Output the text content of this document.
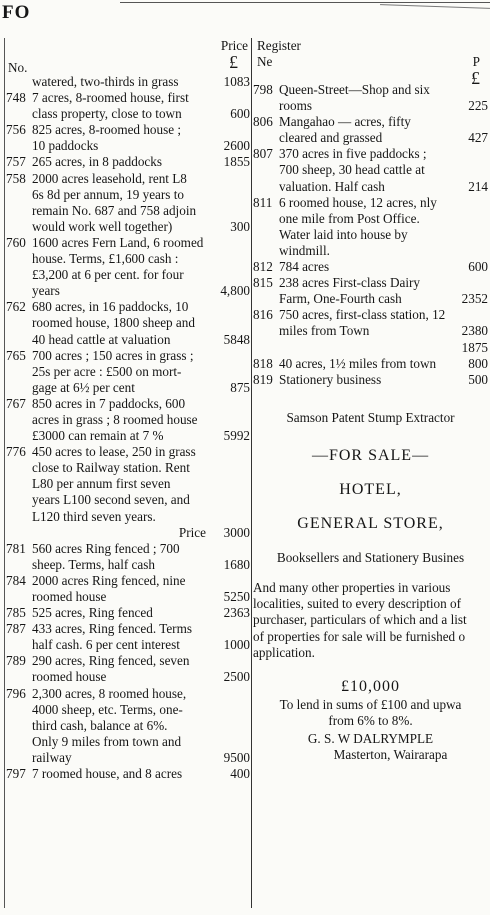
FO
No.
Price
£
watered, two-thirds in grass	1083
748 7 acres, 8-roomed house, first
class property, close to town	600
756 825 acres, 8-roomed house ;
10 paddocks	2600
757 265 acres, in 8 paddocks	1855
758 2000 acres leasehold, rent L8
6s 8d per annum, 19 years to
remain No. 687 and 758 adjoin
would work well together)	300
760 1600 acres Fern Land, 6 roomed
house. Terms, £1,600 cash :
£3,200 at 6 per cent. for four
years	4,800
762 680 acres, in 16 paddocks, 10
roomed house, 1800 sheep and
40 head cattle at valuation	5848
765 700 acres ; 150 acres in grass ;
25s per acre : £500 on mort-
gage at 6½ per cent	875
767 850 acres in 7 paddocks, 600
acres in grass ; 8 roomed house
£3000 can remain at 7 %	5992
776 450 acres to lease, 250 in grass
close to Railway station. Rent
L80 per annum first seven
years L100 second seven, and
L120 third seven years.
Price	3000
781 560 acres Ring fenced ; 700
sheep. Terms, half cash	1680
784 2000 acres Ring fenced, nine
roomed house	5250
785 525 acres, Ring fenced	2363
787 433 acres, Ring fenced. Terms
half cash. 6 per cent interest	1000
789 290 acres, Ring fenced, seven
roomed house	2500
796 2,300 acres, 8 roomed house,
4000 sheep, etc. Terms, one-
third cash, balance at 6%.
Only 9 miles from town and
railway	9500
797 7 roomed house, and 8 acres	400
Register
Ne	P
£
798 Queen-Street—Shop and six
rooms	225
806 Mangahao — acres, fifty
cleared and grassed	427
807 370 acres in five paddocks ;
700 sheep, 30 head cattle at
valuation. Half cash	214
811 6 roomed house, 12 acres, nly
one mile from Post Office.
Water laid into house by
windmill.
812 784 acres	600
815 238 acres First-class Dairy
Farm, One-Fourth cash	2352
816 750 acres, first-class station, 12
miles from Town	2380
1875
818 40 acres, 1½ miles from town	800
819 Stationery business	500

Samson Patent Stump Extractor

—FOR SALE—

HOTEL,

GENERAL STORE,

Booksellers and Stationery Busines

And many other properties in various
localities, suited to every description of
purchaser, particulars of which and a list
of properties for sale will be furnished o
application.

£10,000

To lend in sums of £100 and upwa
from 6% to 8%.

G. S. W DALRYMPLE

Masterton, Wairarapa
